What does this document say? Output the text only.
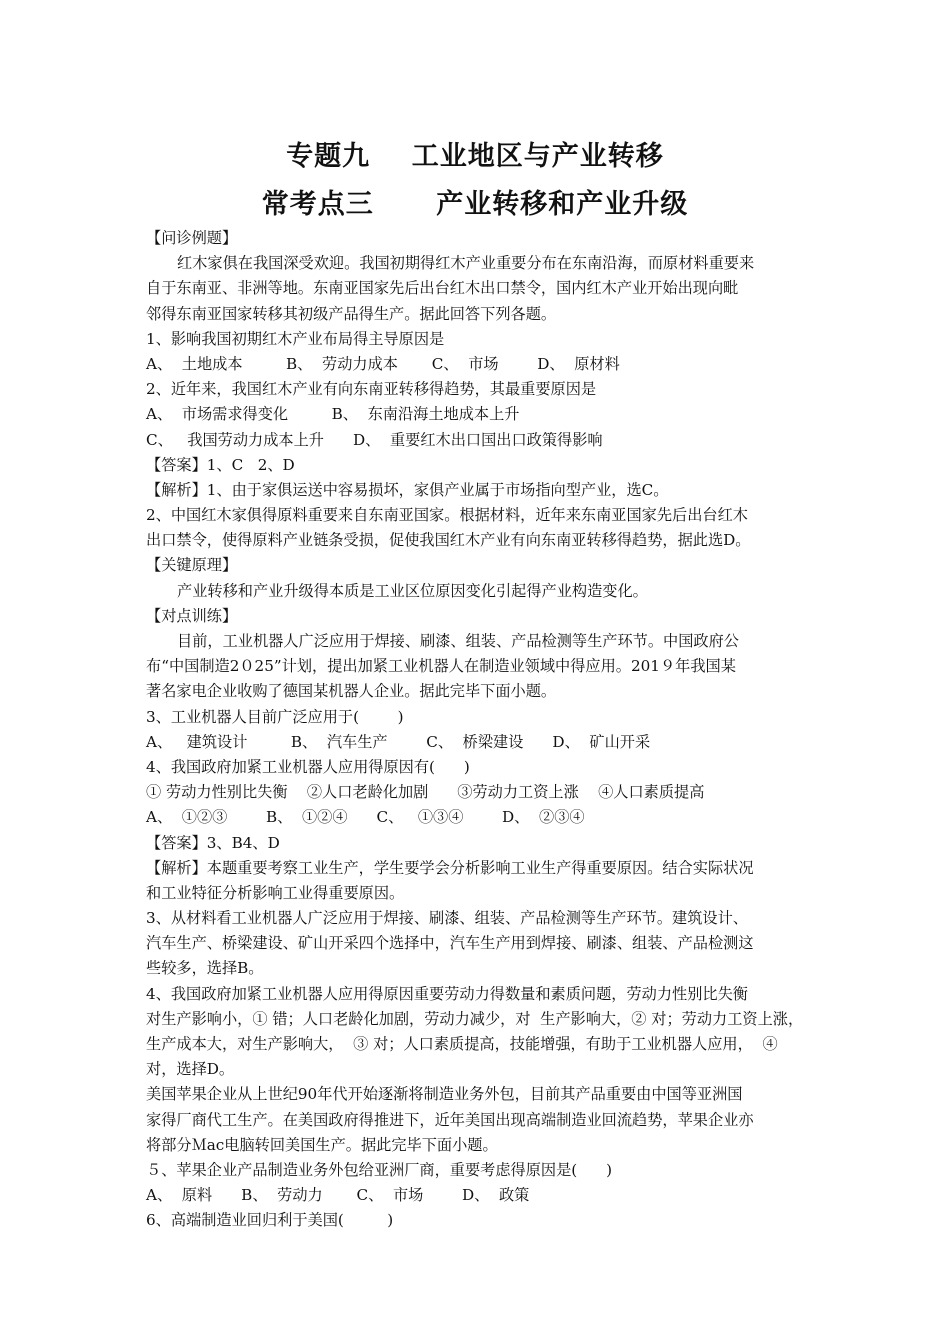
专题九    工业地区与产业转移
常考点三      产业转移和产业升级
【问诊例题】
红木家俱在我国深受欢迎。我国初期得红木产业重要分布在东南沿海，而原材料重要来
自于东南亚、非洲等地。东南亚国家先后出台红木出口禁令，国内红木产业开始出现向毗
邻得东南亚国家转移其初级产品得生产。据此回答下列各题。
1、影响我国初期红木产业布局得主导原因是
A、  土地成本         B、  劳动力成本       C、  市场        D、  原材料
2、近年来，我国红木产业有向东南亚转移得趋势，其最重要原因是
A、  市场需求得变化         B、  东南沿海土地成本上升
C、   我国劳动力成本上升      D、  重要红木出口国出口政策得影响
【答案】1、C   2、D
【解析】1、由于家俱运送中容易损坏，家俱产业属于市场指向型产业，选C。
2、中国红木家俱得原料重要来自东南亚国家。根据材料，近年来东南亚国家先后出台红木
出口禁令，使得原料产业链条受损，促使我国红木产业有向东南亚转移得趋势，据此选D。
【关键原理】
产业转移和产业升级得本质是工业区位原因变化引起得产业构造变化。
【对点训练】
目前，工业机器人广泛应用于焊接、刷漆、组装、产品检测等生产环节。中国政府公
布“中国制造2０25”计划，提出加紧工业机器人在制造业领域中得应用。201９年我国某
著名家电企业收购了德国某机器人企业。据此完毕下面小题。
3、工业机器人目前广泛应用于(        )
A、   建筑设计         B、  汽车生产        C、  桥梁建设      D、  矿山开采
4、我国政府加紧工业机器人应用得原因有(      )
① 劳动力性别比失衡    ②人口老龄化加剧      ③劳动力工资上涨    ④人口素质提高
A、  ①②③        B、  ①②④      C、   ①③④        D、  ②③④
【答案】3、B4、D
【解析】本题重要考察工业生产，学生要学会分析影响工业生产得重要原因。结合实际状况
和工业特征分析影响工业得重要原因。
3、从材料看工业机器人广泛应用于焊接、刷漆、组装、产品检测等生产环节。建筑设计、
汽车生产、桥梁建设、矿山开采四个选择中，汽车生产用到焊接、刷漆、组装、产品检测这
些较多，选择B。
4、我国政府加紧工业机器人应用得原因重要劳动力得数量和素质问题，劳动力性别比失衡
对生产影响小，① 错；人口老龄化加剧，劳动力减少，对  生产影响大，② 对；劳动力工资上涨，
生产成本大，对生产影响大，  ③ 对；人口素质提高，技能增强，有助于工业机器人应用，  ④
对，选择D。
美国苹果企业从上世纪90年代开始逐渐将制造业务外包，目前其产品重要由中国等亚洲国
家得厂商代工生产。在美国政府得推进下，近年美国出现高端制造业回流趋势，苹果企业亦
将部分Ｍac电脑转回美国生产。据此完毕下面小题。
５、苹果企业产品制造业务外包给亚洲厂商，重要考虑得原因是(      )
A、  原料      B、  劳动力       C、  市场        D、  政策
6、高端制造业回归利于美国(         )
